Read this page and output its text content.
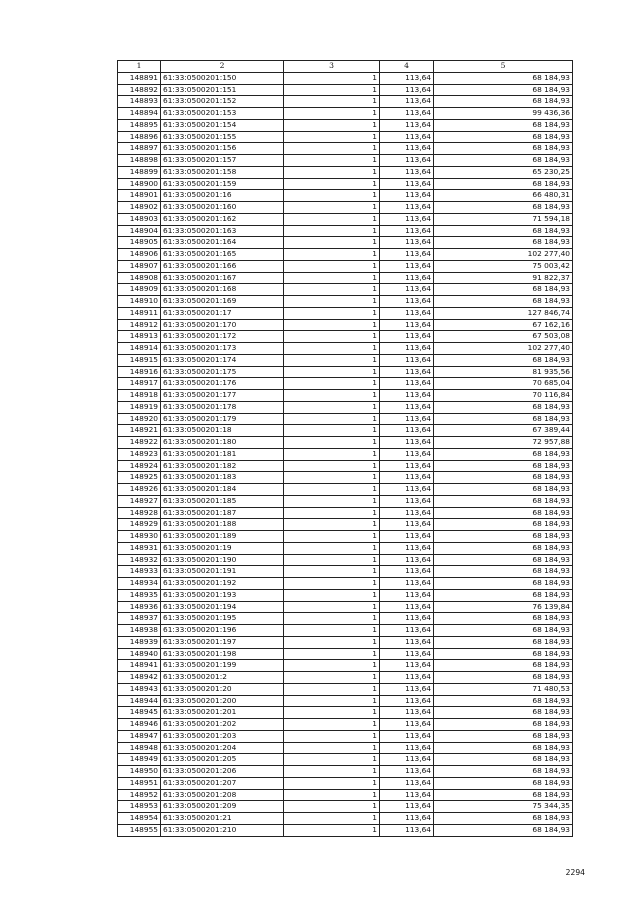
1	2	3	4	5
148891	61:33:0500201:150	1	113,64	68 184,93
148892	61:33:0500201:151	1	113,64	68 184,93
148893	61:33:0500201:152	1	113,64	68 184,93
148894	61:33:0500201:153	1	113,64	99 436,36
148895	61:33:0500201:154	1	113,64	68 184,93
148896	61:33:0500201:155	1	113,64	68 184,93
148897	61:33:0500201:156	1	113,64	68 184,93
148898	61:33:0500201:157	1	113,64	68 184,93
148899	61:33:0500201:158	1	113,64	65 230,25
148900	61:33:0500201:159	1	113,64	68 184,93
148901	61:33:0500201:16	1	113,64	66 480,31
148902	61:33:0500201:160	1	113,64	68 184,93
148903	61:33:0500201:162	1	113,64	71 594,18
148904	61:33:0500201:163	1	113,64	68 184,93
148905	61:33:0500201:164	1	113,64	68 184,93
148906	61:33:0500201:165	1	113,64	102 277,40
148907	61:33:0500201:166	1	113,64	75 003,42
148908	61:33:0500201:167	1	113,64	91 822,37
148909	61:33:0500201:168	1	113,64	68 184,93
148910	61:33:0500201:169	1	113,64	68 184,93
148911	61:33:0500201:17	1	113,64	127 846,74
148912	61:33:0500201:170	1	113,64	67 162,16
148913	61:33:0500201:172	1	113,64	67 503,08
148914	61:33:0500201:173	1	113,64	102 277,40
148915	61:33:0500201:174	1	113,64	68 184,93
148916	61:33:0500201:175	1	113,64	81 935,56
148917	61:33:0500201:176	1	113,64	70 685,04
148918	61:33:0500201:177	1	113,64	70 116,84
148919	61:33:0500201:178	1	113,64	68 184,93
148920	61:33:0500201:179	1	113,64	68 184,93
148921	61:33:0500201:18	1	113,64	67 389,44
148922	61:33:0500201:180	1	113,64	72 957,88
148923	61:33:0500201:181	1	113,64	68 184,93
148924	61:33:0500201:182	1	113,64	68 184,93
148925	61:33:0500201:183	1	113,64	68 184,93
148926	61:33:0500201:184	1	113,64	68 184,93
148927	61:33:0500201:185	1	113,64	68 184,93
148928	61:33:0500201:187	1	113,64	68 184,93
148929	61:33:0500201:188	1	113,64	68 184,93
148930	61:33:0500201:189	1	113,64	68 184,93
148931	61:33:0500201:19	1	113,64	68 184,93
148932	61:33:0500201:190	1	113,64	68 184,93
148933	61:33:0500201:191	1	113,64	68 184,93
148934	61:33:0500201:192	1	113,64	68 184,93
148935	61:33:0500201:193	1	113,64	68 184,93
148936	61:33:0500201:194	1	113,64	76 139,84
148937	61:33:0500201:195	1	113,64	68 184,93
148938	61:33:0500201:196	1	113,64	68 184,93
148939	61:33:0500201:197	1	113,64	68 184,93
148940	61:33:0500201:198	1	113,64	68 184,93
148941	61:33:0500201:199	1	113,64	68 184,93
148942	61:33:0500201:2	1	113,64	68 184,93
148943	61:33:0500201:20	1	113,64	71 480,53
148944	61:33:0500201:200	1	113,64	68 184,93
148945	61:33:0500201:201	1	113,64	68 184,93
148946	61:33:0500201:202	1	113,64	68 184,93
148947	61:33:0500201:203	1	113,64	68 184,93
148948	61:33:0500201:204	1	113,64	68 184,93
148949	61:33:0500201:205	1	113,64	68 184,93
148950	61:33:0500201:206	1	113,64	68 184,93
148951	61:33:0500201:207	1	113,64	68 184,93
148952	61:33:0500201:208	1	113,64	68 184,93
148953	61:33:0500201:209	1	113,64	75 344,35
148954	61:33:0500201:21	1	113,64	68 184,93
148955	61:33:0500201:210	1	113,64	68 184,93
2294
